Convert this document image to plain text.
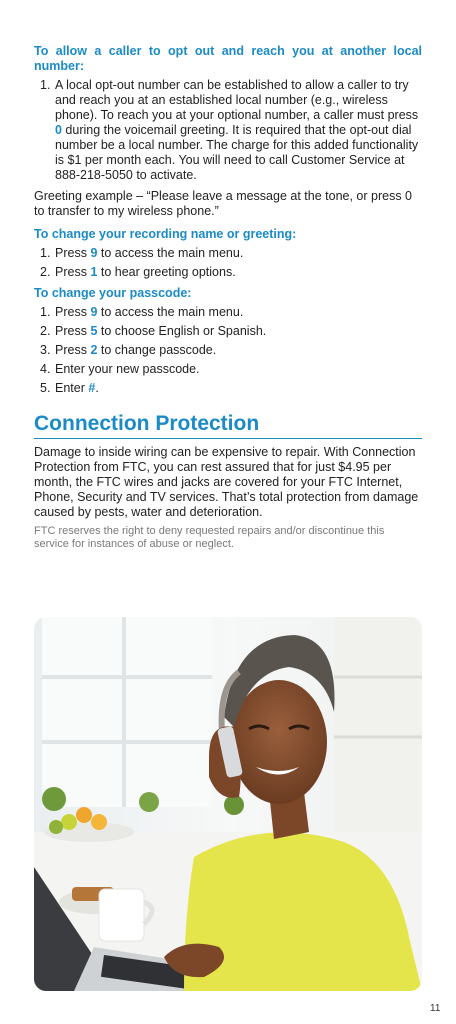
To allow a caller to opt out and reach you at another local number:

1. A local opt-out number can be established to allow a caller to try and reach you at an established local number (e.g., wireless phone). To reach you at your optional number, a caller must press 0 during the voicemail greeting. It is required that the opt-out dial number be a local number. The charge for this added functionality is $1 per month each. You will need to call Customer Service at 888-218-5050 to activate.

Greeting example – “Please leave a message at the tone, or press 0 to transfer to my wireless phone.”

To change your recording name or greeting:

1. Press 9 to access the main menu.
2. Press 1 to hear greeting options.

To change your passcode:

1. Press 9 to access the main menu.
2. Press 5 to choose English or Spanish.
3. Press 2 to change passcode.
4. Enter your new passcode.
5. Enter #.
Connection Protection

Damage to inside wiring can be expensive to repair. With Connection Protection from FTC, you can rest assured that for just $4.95 per month, the FTC wires and jacks are covered for your FTC Internet, Phone, Security and TV services. That’s total protection from damage caused by pests, water and deterioration.

FTC reserves the right to deny requested repairs and/or discontinue this service for instances of abuse or neglect.

11
